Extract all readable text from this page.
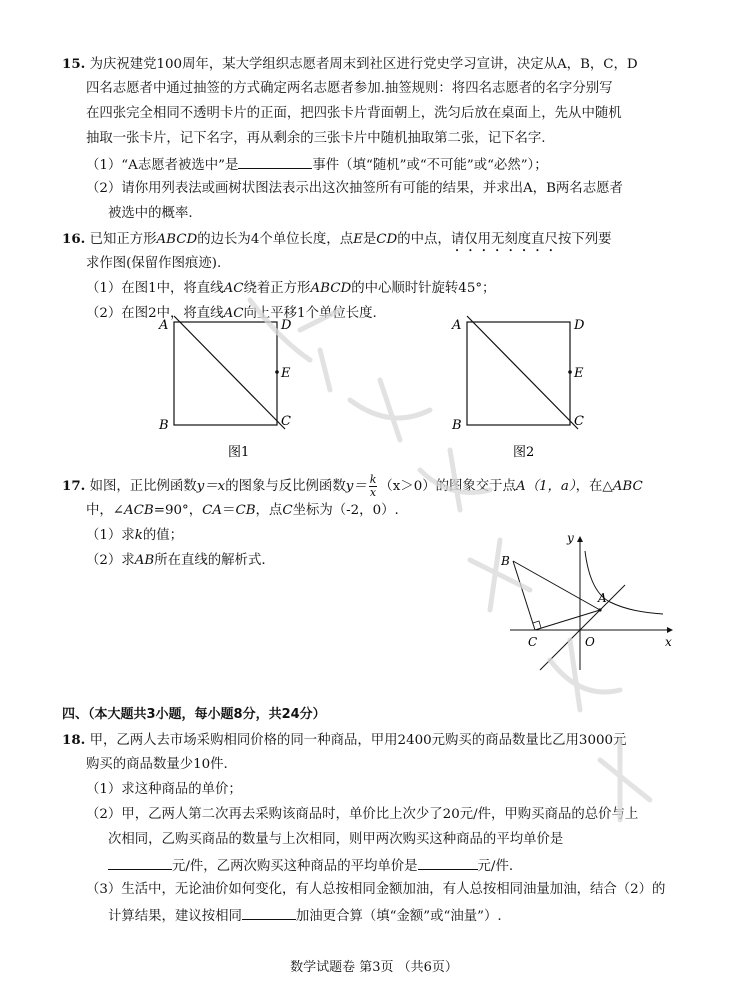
15. 为庆祝建党100周年，某大学组织志愿者周末到社区进行党史学习宣讲，决定从A，B，C，D
四名志愿者中通过抽签的方式确定两名志愿者参加.抽签规则：将四名志愿者的名字分别写
在四张完全相同不透明卡片的正面，把四张卡片背面朝上，洗匀后放在桌面上，先从中随机
抽取一张卡片，记下名字，再从剩余的三张卡片中随机抽取第二张，记下名字.
（1）“A志愿者被选中”是	事件（填“随机”或“不可能”或“必然”）；
（2）请你用列表法或画树状图法表示出这次抽签所有可能的结果，并求出A，B两名志愿者
被选中的概率.
16. 已知正方形ABCD的边长为4个单位长度，点E是CD的中点，请仅用无刻度直尺按下列要
求作图(保留作图痕迹).
（1）在图1中，将直线AC绕着正方形ABCD的中心顺时针旋转45°；
（2）在图2中，将直线AC向上平移1个单位长度.
A	D
E
C
B
图1
A	D
E
C
B
图2
17. 如图，正比例函数y＝x的图象与反比例函数$y= \frac{k}{x} (x>0)$的图象交于点A（1，a），在△ABC
中，∠ACB=90°，CA＝CB，点C坐标为（-2，0）.
（1）求k的值；
（2）求AB所在直线的解析式.
y
x
B
A
C	O
四、（本大题共3小题，每小题8分，共24分）
18. 甲，乙两人去市场采购相同价格的同一种商品，甲用2400元购买的商品数量比乙用3000元
购买的商品数量少10件.
（1）求这种商品的单价；
（2）甲，乙两人第二次再去采购该商品时，单价比上次少了20元/件，甲购买商品的总价与上
次相同，乙购买商品的数量与上次相同，则甲两次购买这种商品的平均单价是
元/件，乙两次购买这种商品的平均单价是	元/件.
（3）生活中，无论油价如何变化，有人总按相同金额加油，有人总按相同油量加油，结合（2）的
计算结果，建议按相同	加油更合算（填“金额”或“油量”）.
数学试题卷 第3页 （共6页）
